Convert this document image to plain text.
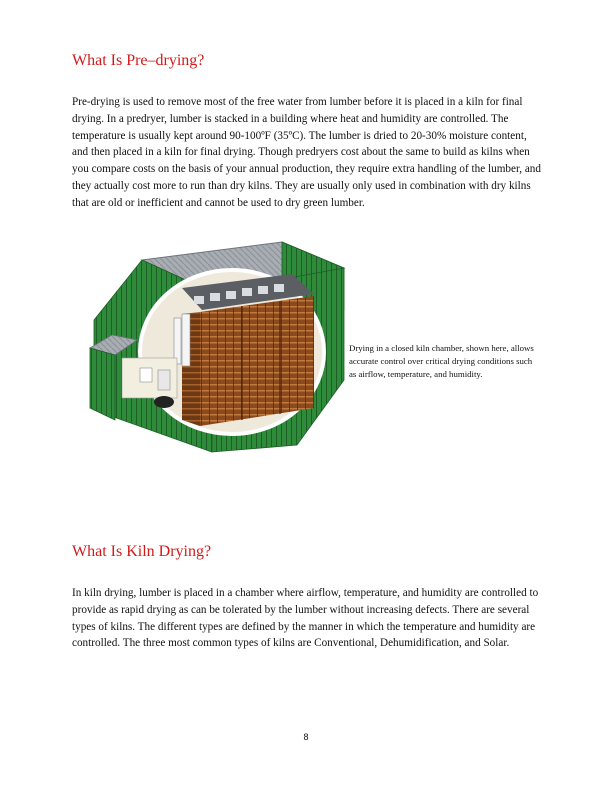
What Is Pre–drying?

Pre-drying is used to remove most of the free water from lumber before it is placed in a kiln for final drying. In a predryer, lumber is stacked in a building where heat and humidity are controlled. The temperature is usually kept around 90-100ºF (35ºC). The lumber is dried to 20-30% moisture content, and then placed in a kiln for final drying. Though predryers cost about the same to build as kilns when you compare costs on the basis of your annual production, they require extra handling of the lumber, and they actually cost more to run than dry kilns. They are usually only used in combination with dry kilns that are old or inefficient and cannot be used to dry green lumber.

Drying in a closed kiln chamber, shown here, allows accurate control over critical drying conditions such as airflow, temperature, and humidity.

What Is Kiln Drying?

In kiln drying, lumber is placed in a chamber where airflow, temperature, and humidity are controlled to provide as rapid drying as can be tolerated by the lumber without increasing defects. There are several types of kilns. The different types are defined by the manner in which the temperature and humidity are controlled. The three most common types of kilns are Conventional, Dehumidification, and Solar.

8
